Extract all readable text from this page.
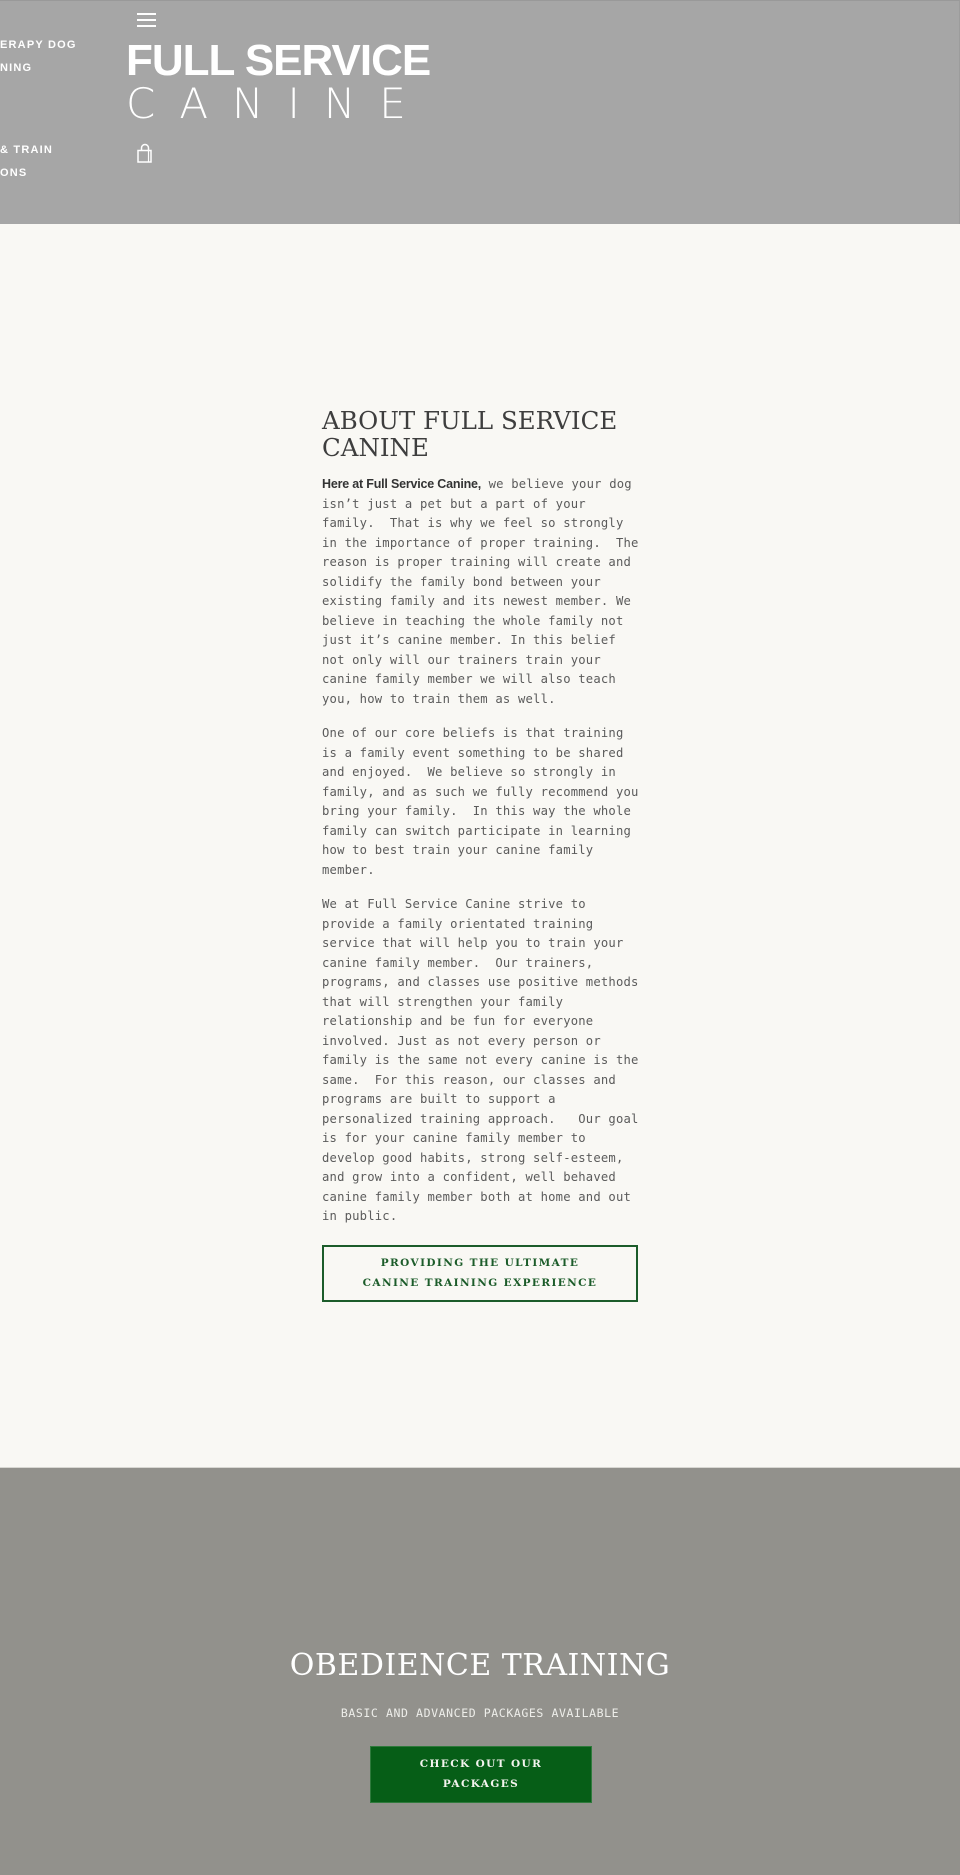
ERAPY DOG
NING
& TRAIN
ONS
FULL SERVICE
CANINE
ABOUT FULL SERVICE CANINE

Here at Full Service Canine, we believe your dog isn’t just a pet but a part of your family.  That is why we feel so strongly in the importance of proper training.  The reason is proper training will create and solidify the family bond between your existing family and its newest member. We believe in teaching the whole family not just it’s canine member. In this belief not only will our trainers train your canine family member we will also teach you, how to train them as well.

One of our core beliefs is that training is a family event something to be shared and enjoyed.  We believe so strongly in family, and as such we fully recommend you bring your family.  In this way the whole family can switch participate in learning how to best train your canine family member.

We at Full Service Canine strive to provide a family orientated training service that will help you to train your canine family member.  Our trainers, programs, and classes use positive methods that will strengthen your family relationship and be fun for everyone involved. Just as not every person or family is the same not every canine is the same.  For this reason, our classes and programs are built to support a personalized training approach.   Our goal is for your canine family member to develop good habits, strong self-esteem, and grow into a confident, well behaved canine family member both at home and out in public.

PROVIDING THE ULTIMATE CANINE TRAINING EXPERIENCE
OBEDIENCE TRAINING
BASIC AND ADVANCED PACKAGES AVAILABLE
CHECK OUT OUR PACKAGES
